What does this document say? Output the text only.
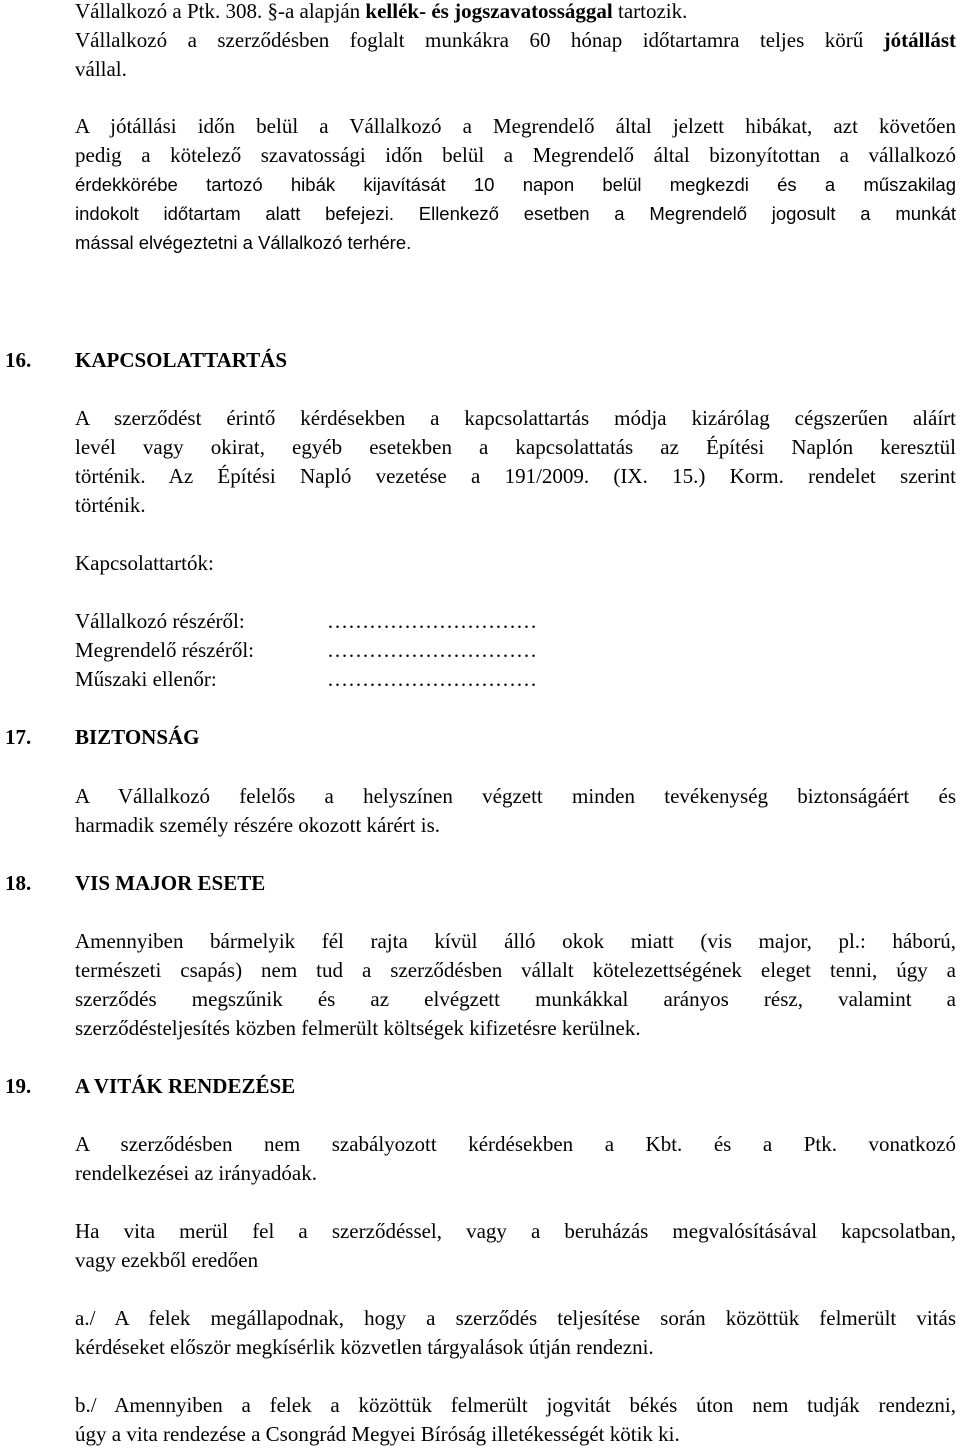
Vállalkozó a Ptk. 308. §-a alapján kellék- és jogszavatossággal tartozik.
Vállalkozó a szerződésben foglalt munkákra 60 hónap időtartamra teljes körű jótállást
vállal.
A jótállási időn belül a Vállalkozó a Megrendelő által jelzett hibákat, azt követően
pedig a kötelező szavatossági időn belül a Megrendelő által bizonyítottan a vállalkozó
érdekkörébe tartozó hibák kijavítását 10 napon belül megkezdi és a műszakilag
indokolt időtartam alatt befejezi. Ellenkező esetben a Megrendelő jogosult a munkát
mással elvégeztetni a Vállalkozó terhére.
16. KAPCSOLATTARTÁS
A szerződést érintő kérdésekben a kapcsolattartás módja kizárólag cégszerűen aláírt
levél vagy okirat, egyéb esetekben a kapcsolattatás az Építési Naplón keresztül
történik. Az Építési Napló vezetése a 191/2009. (IX. 15.) Korm. rendelet szerint
történik.
Kapcsolattartók:
Vállalkozó részéről:	…………………………
Megrendelő részéről:	…………………………
Műszaki ellenőr:	…………………………
17. BIZTONSÁG
A Vállalkozó felelős a helyszínen végzett minden tevékenység biztonságáért és
harmadik személy részére okozott kárért is.
18. VIS MAJOR ESETE
Amennyiben bármelyik fél rajta kívül álló okok miatt (vis major, pl.: háború,
természeti csapás) nem tud a szerződésben vállalt kötelezettségének eleget tenni, úgy a
szerződés megszűnik és az elvégzett munkákkal arányos rész, valamint a
szerződésteljesítés közben felmerült költségek kifizetésre kerülnek.
19. A VITÁK RENDEZÉSE
A szerződésben nem szabályozott kérdésekben a Kbt. és a Ptk. vonatkozó
rendelkezései az irányadóak.
Ha vita merül fel a szerződéssel, vagy a beruházás megvalósításával kapcsolatban,
vagy ezekből eredően
a./ A felek megállapodnak, hogy a szerződés teljesítése során közöttük felmerült vitás
kérdéseket először megkísérlik közvetlen tárgyalások útján rendezni.
b./ Amennyiben a felek a közöttük felmerült jogvitát békés úton nem tudják rendezni,
úgy a vita rendezése a Csongrád Megyei Bíróság illetékességét kötik ki.
